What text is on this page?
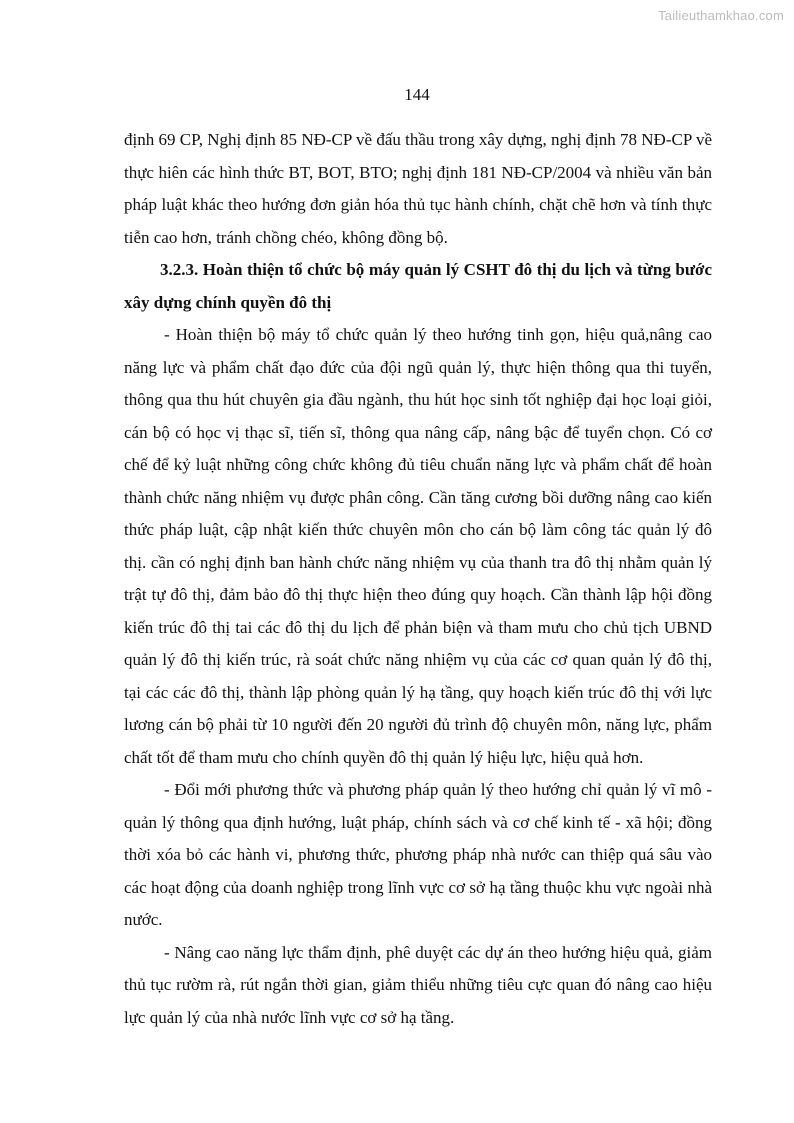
Tailieuthamkhao.com
144

định 69 CP, Nghị định 85 NĐ-CP về đấu thầu trong xây dựng, nghị định 78 NĐ-CP về thực hiên các hình thức BT, BOT, BTO; nghị định 181 NĐ-CP/2004 và nhiều văn bản pháp luật khác theo hướng đơn giản hóa thủ tục hành chính, chặt chẽ hơn và tính thực tiễn cao hơn, tránh chồng chéo, không đồng bộ.

3.2.3. Hoàn thiện tổ chức bộ máy quản lý CSHT đô thị du lịch và từng bước xây dựng chính quyền đô thị

- Hoàn thiện bộ máy tổ chức quản lý theo hướng tinh gọn, hiệu quả,nâng cao năng lực và phẩm chất đạo đức của đội ngũ quản lý, thực hiện thông qua thi tuyển, thông qua thu hút chuyên gia đầu ngành, thu hút học sinh tốt nghiệp đại học loại giỏi, cán bộ có học vị thạc sĩ, tiến sĩ, thông qua nâng cấp, nâng bậc để tuyển chọn. Có cơ chế để kỷ luật những công chức không đủ tiêu chuẩn năng lực và phẩm chất để hoàn thành chức năng nhiệm vụ được phân công. Cần tăng cương bồi dưỡng nâng cao kiến thức pháp luật, cập nhật kiến thức chuyên môn cho cán bộ làm công tác quản lý đô thị. cần có nghị định ban hành chức năng nhiệm vụ của thanh tra đô thị nhằm quản lý trật tự đô thị, đảm bảo đô thị thực hiện theo đúng quy hoạch. Cần thành lập hội đồng kiến trúc đô thị tai các đô thị du lịch để phản biện và tham mưu cho chủ tịch UBND quản lý đô thị kiến trúc, rà soát chức năng nhiệm vụ của các cơ quan quản lý đô thị, tại các các đô thị, thành lập phòng quản lý hạ tầng, quy hoạch kiến trúc đô thị với lực lương cán bộ phải từ 10 người đến 20 người đủ trình độ chuyên môn, năng lực, phẩm chất tốt để tham mưu cho chính quyền đô thị quản lý hiệu lực, hiệu quả hơn.

- Đổi mới phương thức và phương pháp quản lý theo hướng chỉ quản lý vĩ mô - quản lý thông qua định hướng, luật pháp, chính sách và cơ chế kinh tế - xã hội; đồng thời xóa bỏ các hành vi, phương thức, phương pháp nhà nước can thiệp quá sâu vào các hoạt động của doanh nghiệp trong lĩnh vực cơ sở hạ tầng thuộc khu vực ngoài nhà nước.

- Nâng cao năng lực thẩm định, phê duyệt các dự án theo hướng hiệu quả, giảm thủ tục rườm rà, rút ngắn thời gian, giảm thiểu những tiêu cực quan đó nâng cao hiệu lực quản lý của nhà nước lĩnh vực cơ sở hạ tầng.
